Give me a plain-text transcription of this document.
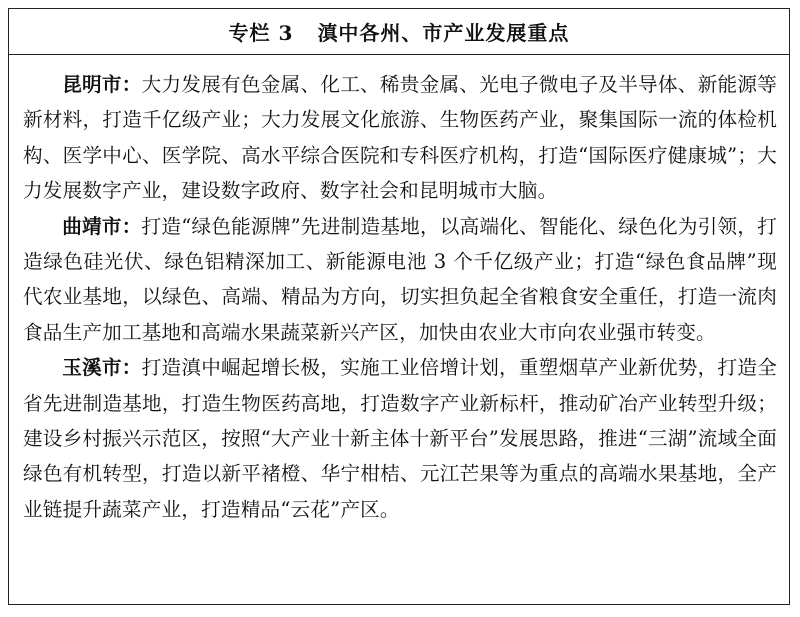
专栏 3 滇中各州、市产业发展重点

昆明市：大力发展有色金属、化工、稀贵金属、光电子微电子及半导体、新能源等新材料，打造千亿级产业；大力发展文化旅游、生物医药产业，聚集国际一流的体检机构、医学中心、医学院、高水平综合医院和专科医疗机构，打造“国际医疗健康城”；大力发展数字产业，建设数字政府、数字社会和昆明城市大脑。

曲靖市：打造“绿色能源牌”先进制造基地，以高端化、智能化、绿色化为引领，打造绿色硅光伏、绿色铝精深加工、新能源电池 3 个千亿级产业；打造“绿色食品牌”现代农业基地，以绿色、高端、精品为方向，切实担负起全省粮食安全重任，打造一流肉食品生产加工基地和高端水果蔬菜新兴产区，加快由农业大市向农业强市转变。

玉溪市：打造滇中崛起增长极，实施工业倍增计划，重塑烟草产业新优势，打造全省先进制造基地，打造生物医药高地，打造数字产业新标杆，推动矿冶产业转型升级；建设乡村振兴示范区，按照“大产业十新主体十新平台”发展思路，推进“三湖”流域全面绿色有机转型，打造以新平褚橙、华宁柑桔、元江芒果等为重点的高端水果基地，全产业链提升蔬菜产业，打造精品“云花”产区。
